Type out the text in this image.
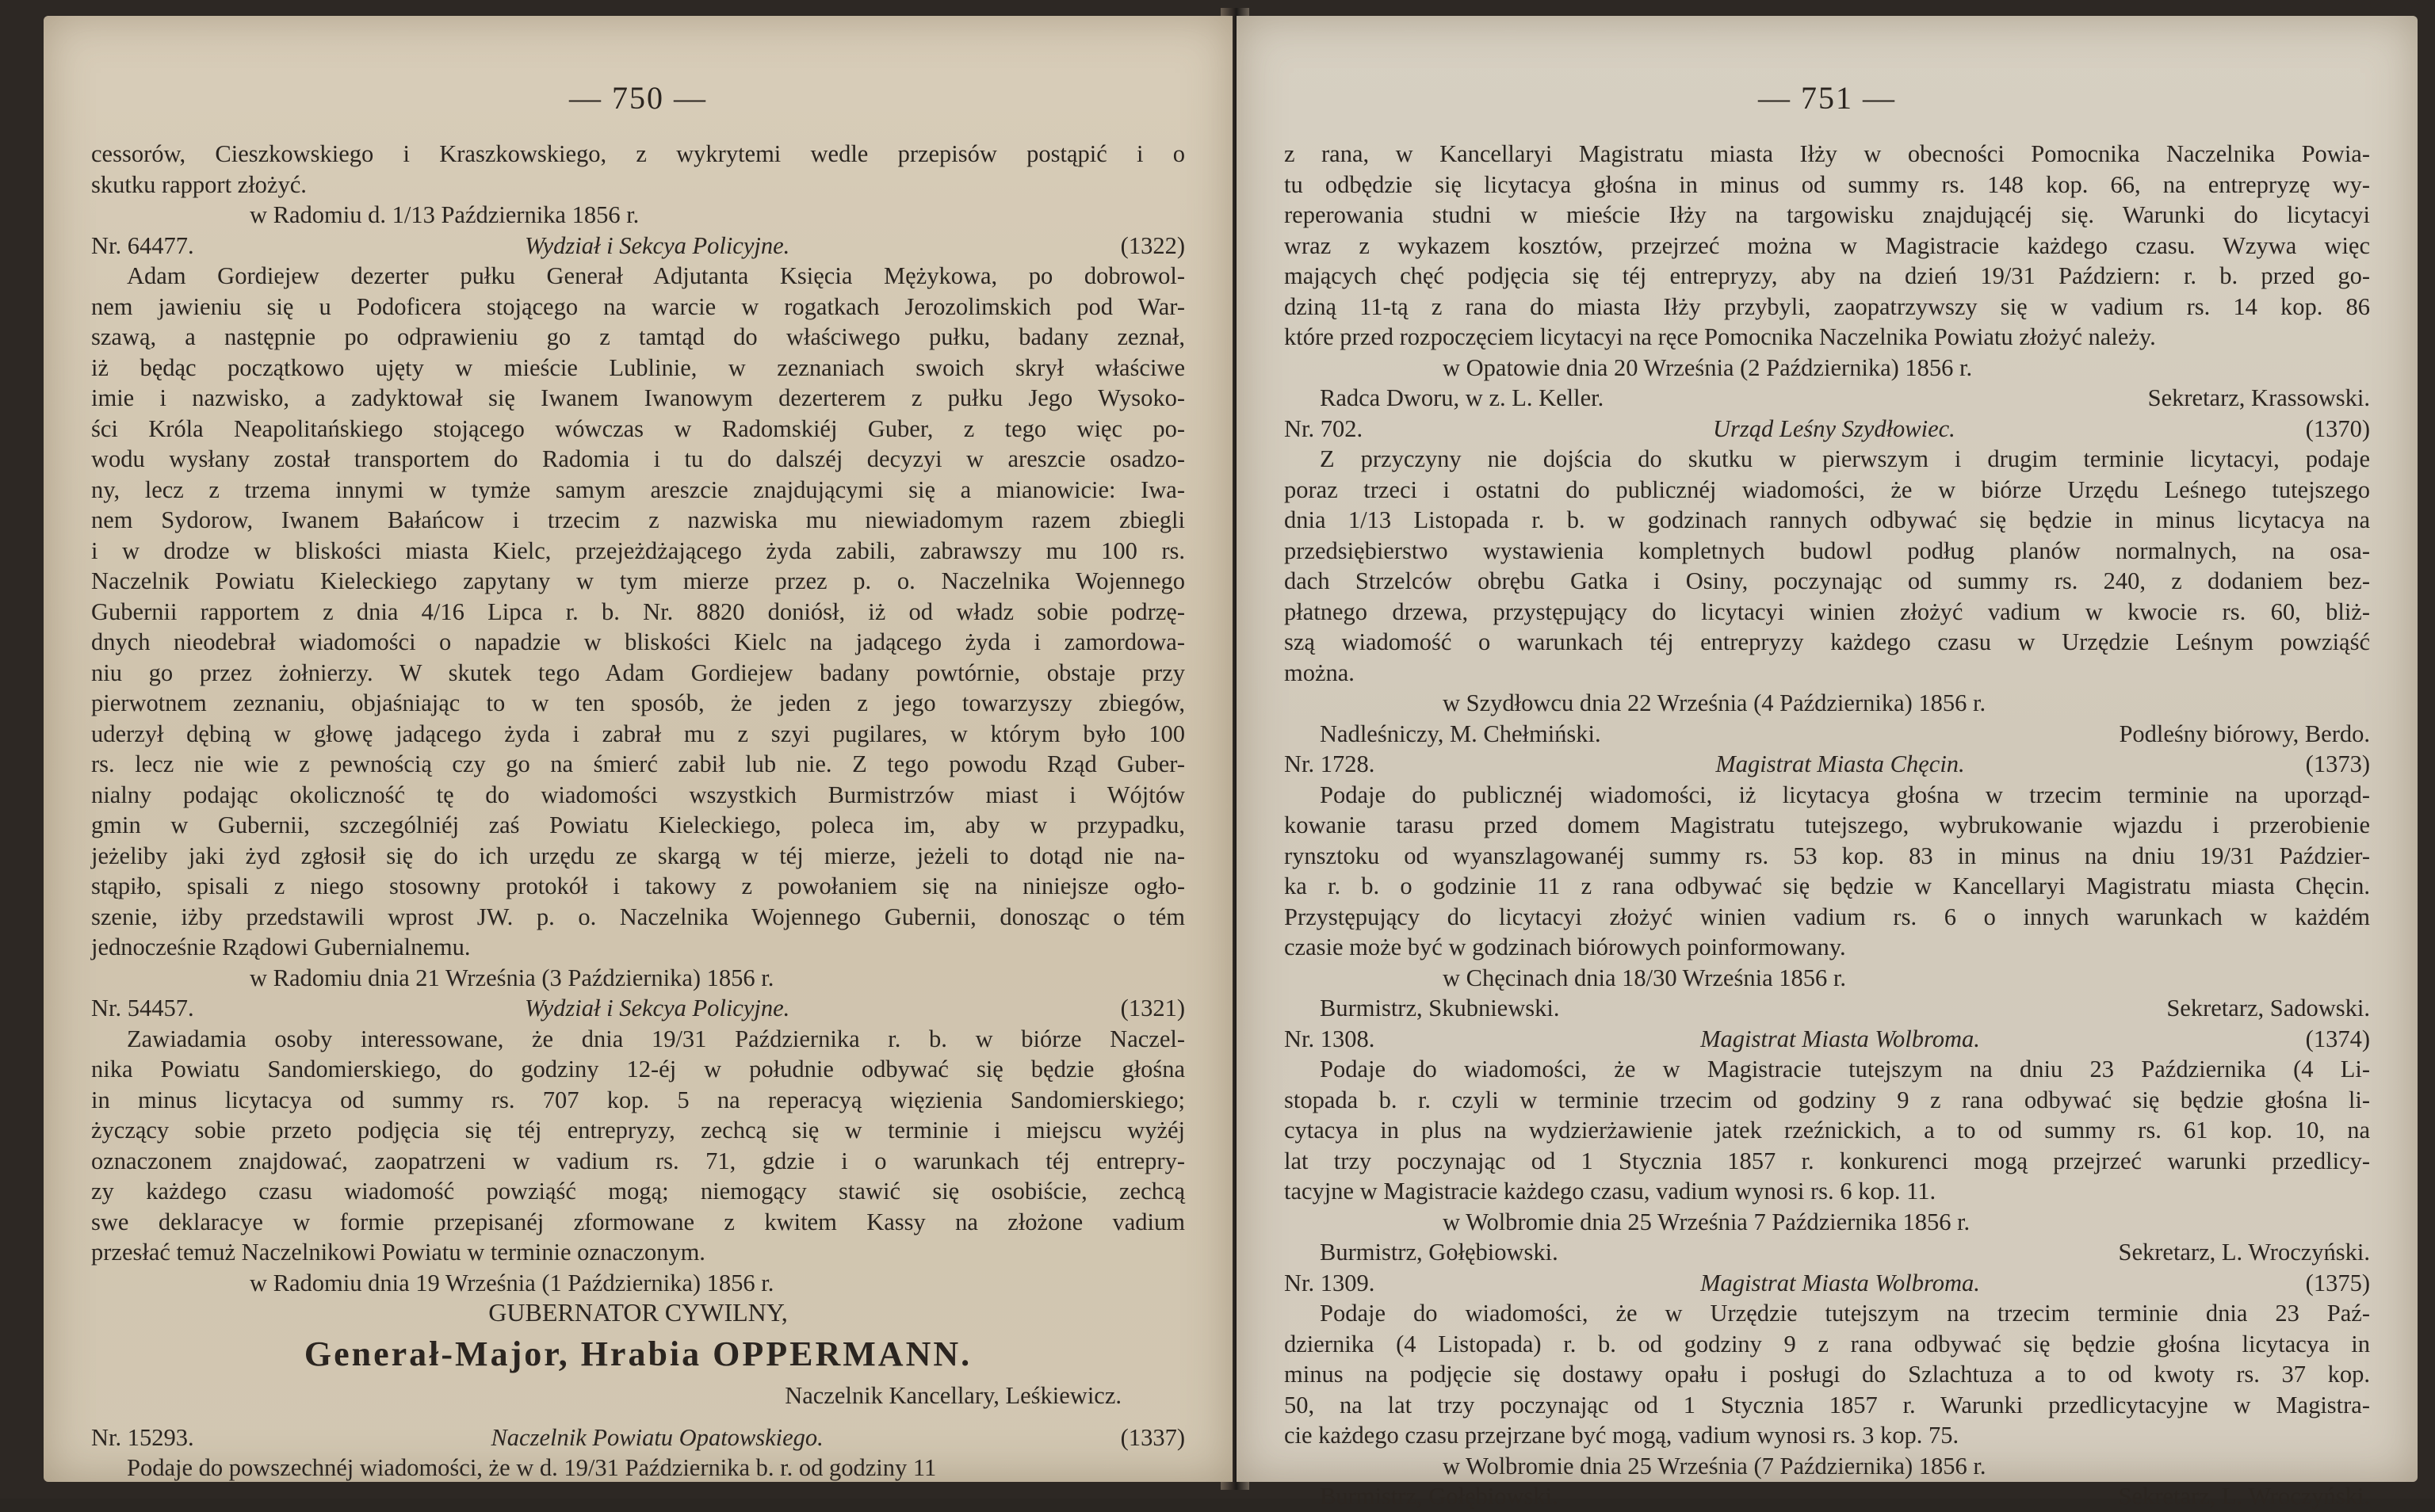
— 750 —
cessorów, Cieszkowskiego i Kraszkowskiego, z wykrytemi wedle przepisów postąpić i o
skutku rapport złożyć.
w Radomiu d. 1/13 Października 1856 r.
Nr. 64477.	Wydział i Sekcya Policyjne.	(1322)
Adam Gordiejew dezerter pułku Generał Adjutanta Księcia Mężykowa, po dobrowol-
nem jawieniu się u Podoficera stojącego na warcie w rogatkach Jerozolimskich pod War-
szawą, a następnie po odprawieniu go z tamtąd do właściwego pułku, badany zeznał,
iż będąc początkowo ujęty w mieście Lublinie, w zeznaniach swoich skrył właściwe
imie i nazwisko, a zadyktował się Iwanem Iwanowym dezerterem z pułku Jego Wysoko-
ści Króla Neapolitańskiego stojącego wówczas w Radomskiéj Guber, z tego więc po-
wodu wysłany został transportem do Radomia i tu do dalszéj decyzyi w areszcie osadzo-
ny, lecz z trzema innymi w tymże samym areszcie znajdującymi się a mianowicie: Iwa-
nem Sydorow, Iwanem Bałańcow i trzecim z nazwiska mu niewiadomym razem zbiegli
i w drodze w bliskości miasta Kielc, przejeżdżającego żyda zabili, zabrawszy mu 100 rs.
Naczelnik Powiatu Kieleckiego zapytany w tym mierze przez p. o. Naczelnika Wojennego
Gubernii rapportem z dnia 4/16 Lipca r. b. Nr. 8820 doniósł, iż od władz sobie podrzę-
dnych nieodebrał wiadomości o napadzie w bliskości Kielc na jadącego żyda i zamordowa-
niu go przez żołnierzy. W skutek tego Adam Gordiejew badany powtórnie, obstaje przy
pierwotnem zeznaniu, objaśniając to w ten sposób, że jeden z jego towarzyszy zbiegów,
uderzył dębiną w głowę jadącego żyda i zabrał mu z szyi pugilares, w którym było 100
rs. lecz nie wie z pewnością czy go na śmierć zabił lub nie. Z tego powodu Rząd Guber-
nialny podając okoliczność tę do wiadomości wszystkich Burmistrzów miast i Wójtów
gmin w Gubernii, szczególniéj zaś Powiatu Kieleckiego, poleca im, aby w przypadku,
jeżeliby jaki żyd zgłosił się do ich urzędu ze skargą w téj mierze, jeżeli to dotąd nie na-
stąpiło, spisali z niego stosowny protokół i takowy z powołaniem się na niniejsze ogło-
szenie, iżby przedstawili wprost JW. p. o. Naczelnika Wojennego Gubernii, donosząc o tém
jednocześnie Rządowi Gubernialnemu.
w Radomiu dnia 21 Września (3 Października) 1856 r.
Nr. 54457.	Wydział i Sekcya Policyjne.	(1321)
Zawiadamia osoby interessowane, że dnia 19/31 Października r. b. w biórze Naczel-
nika Powiatu Sandomierskiego, do godziny 12-éj w południe odbywać się będzie głośna
in minus licytacya od summy rs. 707 kop. 5 na reperacyą więzienia Sandomierskiego;
życzący sobie przeto podjęcia się téj entrepryzy, zechcą się w terminie i miejscu wyżéj
oznaczonem znajdować, zaopatrzeni w vadium rs. 71, gdzie i o warunkach téj entrepry-
zy każdego czasu wiadomość powziąść mogą; niemogący stawić się osobiście, zechcą
swe deklaracye w formie przepisanéj zformowane z kwitem Kassy na złożone vadium
przesłać temuż Naczelnikowi Powiatu w terminie oznaczonym.
w Radomiu dnia 19 Września (1 Października) 1856 r.
GUBERNATOR CYWILNY,
Generał-Major, Hrabia OPPERMANN.
Naczelnik Kancellary, Leśkiewicz.
Nr. 15293.	Naczelnik Powiatu Opatowskiego.	(1337)
Podaje do powszechnéj wiadomości, że w d. 19/31 Października b. r. od godziny 11
— 751 —
z rana, w Kancellaryi Magistratu miasta Iłży w obecności Pomocnika Naczelnika Powia-
tu odbędzie się licytacya głośna in minus od summy rs. 148 kop. 66, na entrepryzę wy-
reperowania studni w mieście Iłży na targowisku znajdującéj się. Warunki do licytacyi
wraz z wykazem kosztów, przejrzeć można w Magistracie każdego czasu. Wzywa więc
mających chęć podjęcia się téj entrepryzy, aby na dzień 19/31 Październ: r. b. przed go-
dziną 11-tą z rana do miasta Iłży przybyli, zaopatrzywszy się w vadium rs. 14 kop. 86
które przed rozpoczęciem licytacyi na ręce Pomocnika Naczelnika Powiatu złożyć należy.
w Opatowie dnia 20 Września (2 Października) 1856 r.
Radca Dworu, w z. L. Keller.	Sekretarz, Krassowski.
Nr. 702.	Urząd Leśny Szydłowiec.	(1370)
Z przyczyny nie dojścia do skutku w pierwszym i drugim terminie licytacyi, podaje
poraz trzeci i ostatni do publicznéj wiadomości, że w biórze Urzędu Leśnego tutejszego
dnia 1/13 Listopada r. b. w godzinach rannych odbywać się będzie in minus licytacya na
przedsiębierstwo wystawienia kompletnych budowl podług planów normalnych, na osa-
dach Strzelców obrębu Gatka i Osiny, poczynając od summy rs. 240, z dodaniem bez-
płatnego drzewa, przystępujący do licytacyi winien złożyć vadium w kwocie rs. 60, bliż-
szą wiadomość o warunkach téj entrepryzy każdego czasu w Urzędzie Leśnym powziąść
można.
w Szydłowcu dnia 22 Września (4 Października) 1856 r.
Nadleśniczy, M. Chełmiński.	Podleśny biórowy, Berdo.
Nr. 1728.	Magistrat Miasta Chęcin.	(1373)
Podaje do publicznéj wiadomości, iż licytacya głośna w trzecim terminie na uporząd-
kowanie tarasu przed domem Magistratu tutejszego, wybrukowanie wjazdu i przerobienie
rynsztoku od wyanszlagowanéj summy rs. 53 kop. 83 in minus na dniu 19/31 Paździer-
ka r. b. o godzinie 11 z rana odbywać się będzie w Kancellaryi Magistratu miasta Chęcin.
Przystępujący do licytacyi złożyć winien vadium rs. 6 o innych warunkach w każdém
czasie może być w godzinach biórowych poinformowany.
w Chęcinach dnia 18/30 Września 1856 r.
Burmistrz, Skubniewski.	Sekretarz, Sadowski.
Nr. 1308.	Magistrat Miasta Wolbroma.	(1374)
Podaje do wiadomości, że w Magistracie tutejszym na dniu 23 Października (4 Li-
stopada b. r. czyli w terminie trzecim od godziny 9 z rana odbywać się będzie głośna li-
cytacya in plus na wydzierżawienie jatek rzeźnickich, a to od summy rs. 61 kop. 10, na
lat trzy poczynając od 1 Stycznia 1857 r. konkurenci mogą przejrzeć warunki przedlicy-
tacyjne w Magistracie każdego czasu, vadium wynosi rs. 6 kop. 11.
w Wolbromie dnia 25 Września 7 Października 1856 r.
Burmistrz, Gołębiowski.	Sekretarz, L. Wroczyński.
Nr. 1309.	Magistrat Miasta Wolbroma.	(1375)
Podaje do wiadomości, że w Urzędzie tutejszym na trzecim terminie dnia 23 Paź-
dziernika (4 Listopada) r. b. od godziny 9 z rana odbywać się będzie głośna licytacya in
minus na podjęcie się dostawy opału i posługi do Szlachtuza a to od kwoty rs. 37 kop.
50, na lat trzy poczynając od 1 Stycznia 1857 r. Warunki przedlicytacyjne w Magistra-
cie każdego czasu przejrzane być mogą, vadium wynosi rs. 3 kop. 75.
w Wolbromie dnia 25 Września (7 Października) 1856 r.
Burmistrz, Gołębiowski.	Sekretarz, L. Wroczyński.
